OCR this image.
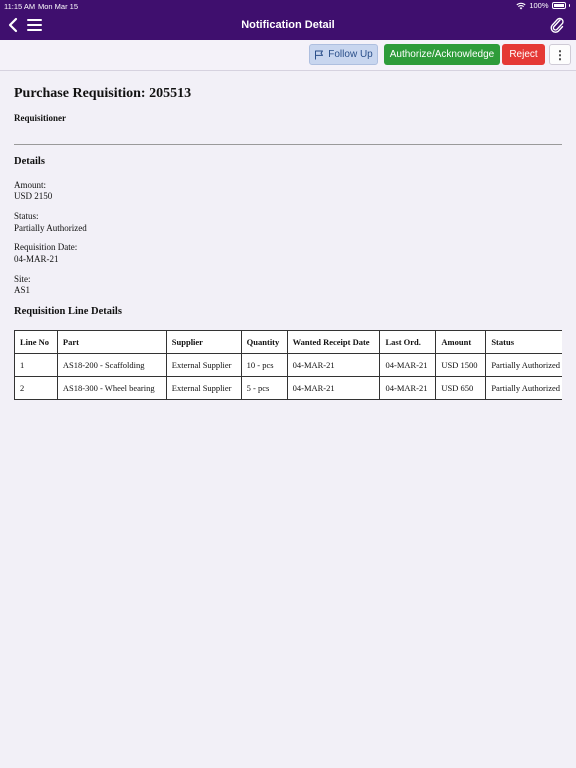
11:15 AM Mon Mar 15	100%
Notification Detail
Follow Up	Authorize/Acknowledge	Reject	⋮
Purchase Requisition: 205513
Requisitioner
Details
Amount:
USD 2150
Status:
Partially Authorized
Requisition Date:
04-MAR-21
Site:
AS1
Requisition Line Details
Line No	Part	Supplier	Quantity	Wanted Receipt Date	Last Ord.	Amount	Status
1	AS18-200 - Scaffolding	External Supplier	10 - pcs	04-MAR-21	04-MAR-21	USD 1500	Partially Authorized
2	AS18-300 - Wheel bearing	External Supplier	5 - pcs	04-MAR-21	04-MAR-21	USD 650	Partially Authorized
